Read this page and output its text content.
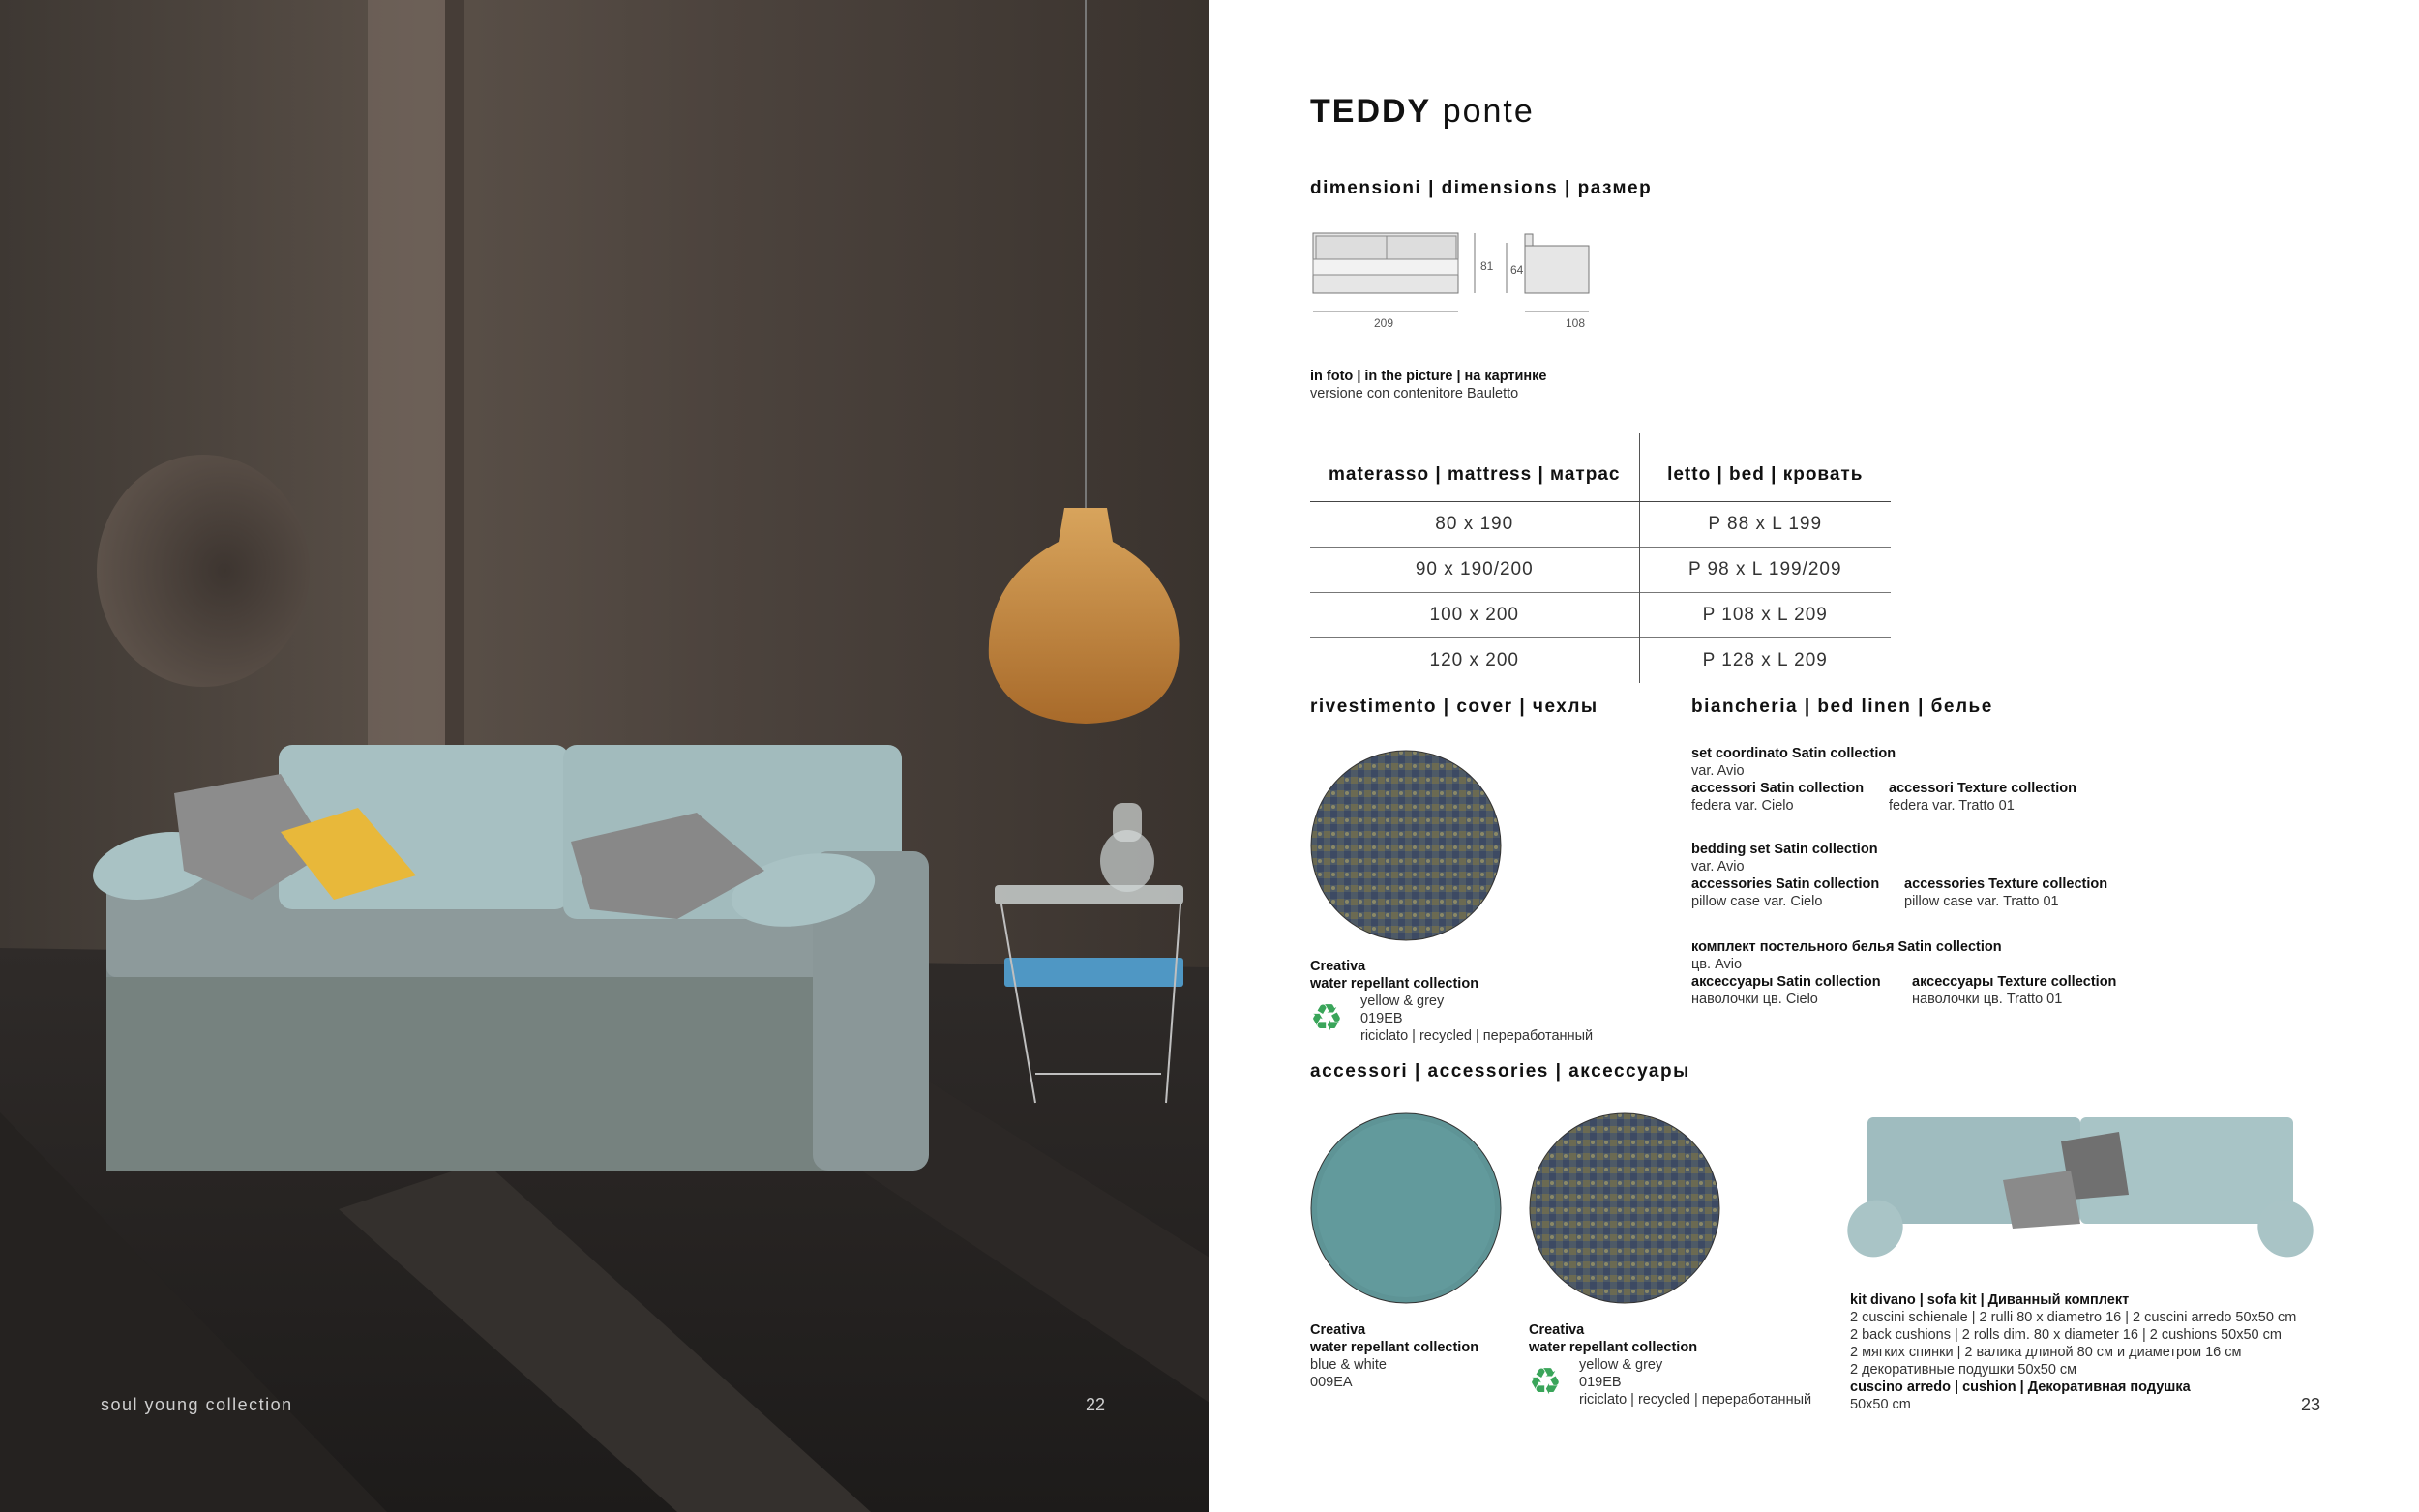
soul young collection	22
TEDDY ponte
dimensioni | dimensions | размер
209
81 64
108
in foto | in the picture | на картинке
versione con contenitore Bauletto
materasso | mattress | матрас	letto | bed | кровать
80 x 190	P 88 x L 199
90 x 190/200	P 98 x L 199/209
100 x 200	P 108 x L 209
120 x 200	P 128 x L 209
rivestimento | cover | чехлы
Creativa
water repellant collection
♻ yellow & grey
019EB
riciclato | recycled | переработанный
biancheria | bed linen | белье
set coordinato Satin collection
var. Avio
accessori Satin collection
federa var. Cielo
accessori Texture collection
federa var. Tratto 01
bedding set Satin collection
var. Avio
accessories Satin collection
pillow case var. Cielo
accessories Texture collection
pillow case var. Tratto 01
комплект постельного белья Satin collection
цв. Avio
аксессуары Satin collection
наволочки цв. Cielo
аксессуары Texture collection
наволочки цв. Tratto 01
accessori | accessories | аксессуары
Creativa
water repellant collection
blue & white
009EA
Creativa
water repellant collection
♻ yellow & grey
019EB
riciclato | recycled | переработанный
kit divano | sofa kit | Диванный комплект
2 cuscini schienale | 2 rulli 80 x diametro 16 | 2 cuscini arredo 50x50 cm
2 back cushions | 2 rolls dim. 80 x diameter 16 | 2 cushions 50x50 cm
2 мягких спинки | 2 валика длиной 80 см и диаметром 16 см
2 декоративные подушки 50x50 см
cuscino arredo | cushion | Декоративная подушка
50x50 cm	23
